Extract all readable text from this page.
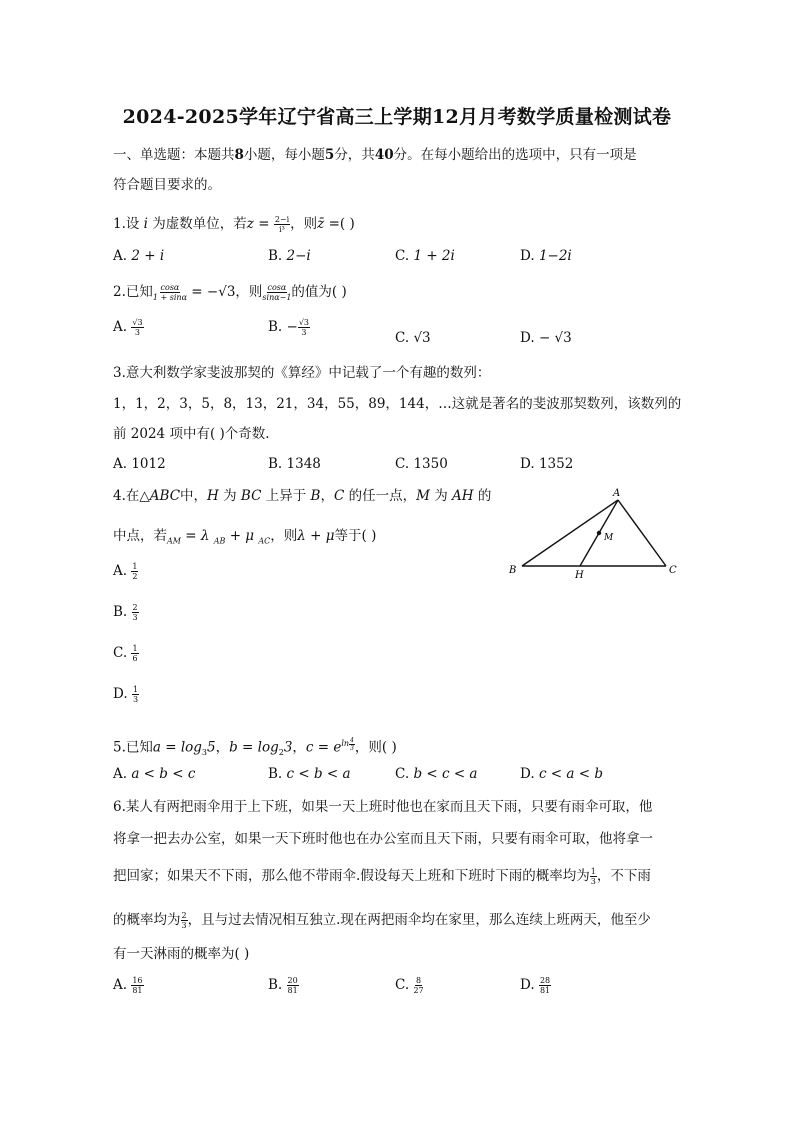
2024-2025学年辽宁省高三上学期12月月考数学质量检测试卷
一、单选题：本题共8小题，每小题5分，共40分。在每小题给出的选项中，只有一项是
符合题目要求的。
1.设 i 为虚数单位，若$z = \frac{2-i}{\text{i³}}$ ，则z̄ =( )
A. 2 + i	B. 2−i	C. 1 + 2i	D. 1−2i
2.已知 $\frac{\cos\alpha}{1 + \sin\alpha} = -√3$，则 $\frac{\cos\alpha}{\sin\alpha-1}$ 的值为( )
A. $\frac{√3}{3}$	B. − $\frac{√3}{3}$
C. √3	D. − √3
3.意大利数学家斐波那契的《算经》中记载了一个有趣的数列：
1，1，2，3，5，8，13，21，34，55，89，144，…这就是著名的斐波那契数列，该数列的
前 2024 项中有( )个奇数.
A. 1012	B. 1348	C. 1350	D. 1352
4.在△ABC中，H 为 BC 上异于 B，C 的任一点，M 为 AH 的
中点，若$_{AM}$ = λ $_{AB}$ + μ $_{AC}$，则λ + μ等于( )
A. $\frac{1}{2}$
B. $\frac{2}{3}$
C. $\frac{1}{6}$
D. $\frac{1}{3}$
A
B	C
H
M
5.已知$a = \log_35$，$b = \log_23$，$c = e^{ln \frac{4}{3}}$ ，则( )
A. a < b < c	B. c < b < a	C. b < c < a	D. c < a < b
6.某人有两把雨伞用于上下班，如果一天上班时他也在家而且天下雨，只要有雨伞可取，他
将拿一把去办公室，如果一天下班时他也在办公室而且天下雨，只要有雨伞可取，他将拿一
把回家；如果天不下雨，那么他不带雨伞.假设每天上班和下班时下雨的概率均为 $\frac{1}{3}$ ，不下雨
的概率均为 $\frac{2}{3}$ ，且与过去情况相互独立.现在两把雨伞均在家里，那么连续上班两天，他至少
有一天淋雨的概率为( )
A. $\frac{16}{81}$	B. $\frac{20}{81}$	C. $\frac{8}{27}$	D. $\frac{28}{81}$
